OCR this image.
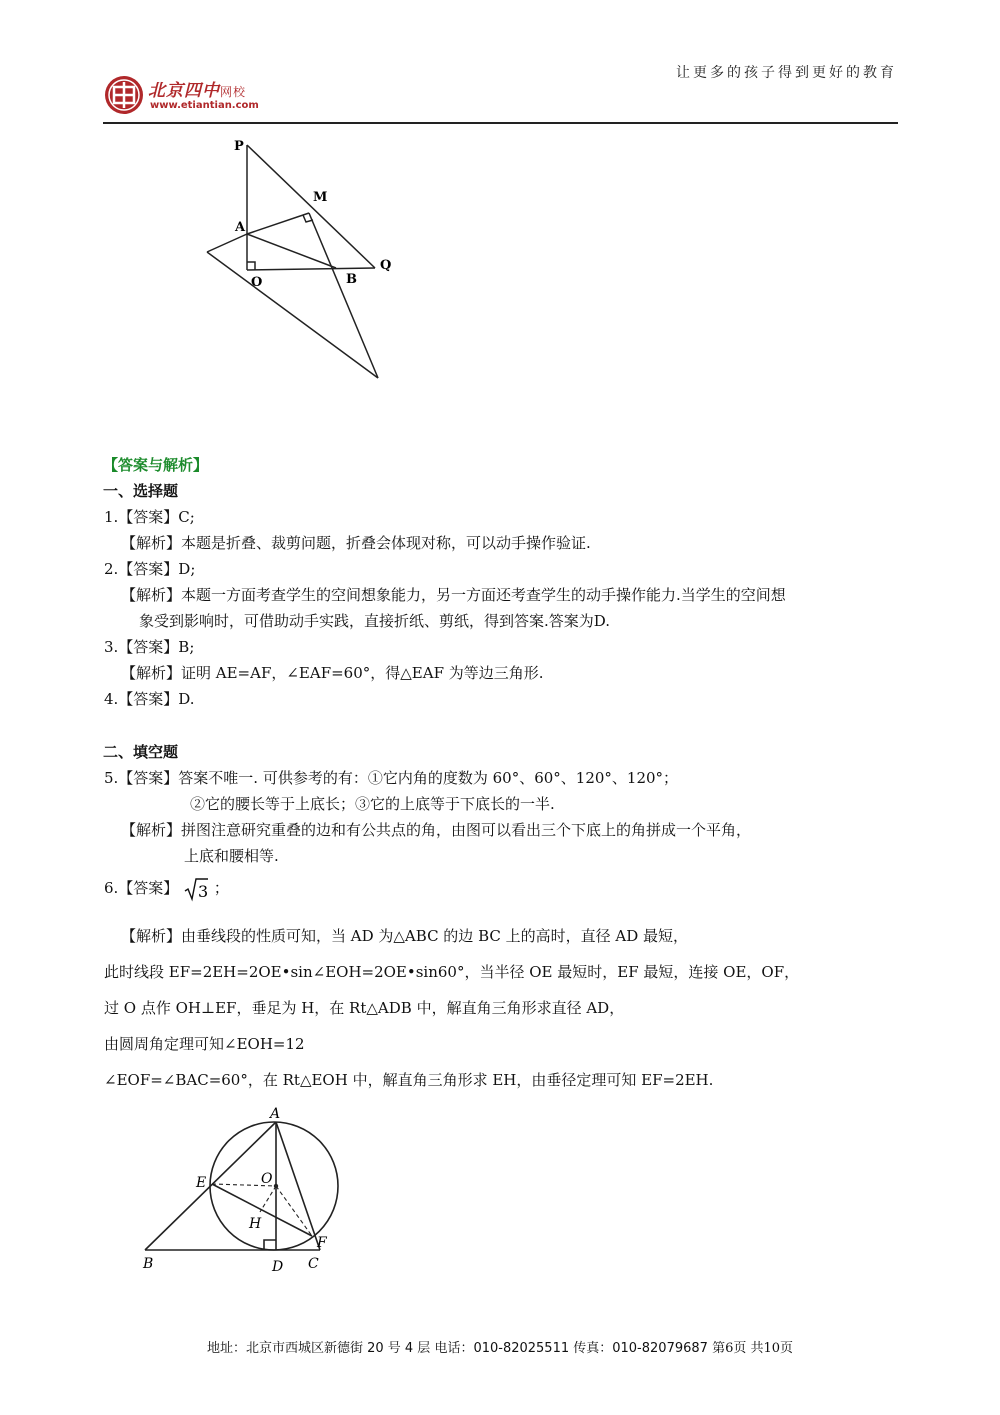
让更多的孩子得到更好的教育
北京四中网校
www.etiantian.com
P
M
A
Q
O	B
【答案与解析】
一、选择题
1.【答案】C;
【解析】本题是折叠、裁剪问题，折叠会体现对称，可以动手操作验证.
2.【答案】D;
【解析】本题一方面考查学生的空间想象能力，另一方面还考查学生的动手操作能力.当学生的空间想
象受到影响时，可借助动手实践，直接折纸、剪纸，得到答案.答案为D.
3.【答案】B;
【解析】证明 AE=AF，∠EAF=60°，得△EAF 为等边三角形.
4.【答案】D.
二、填空题
5.【答案】答案不唯一. 可供参考的有：①它内角的度数为 60°、60°、120°、120°；
②它的腰长等于上底长；③它的上底等于下底长的一半.
【解析】拼图注意研究重叠的边和有公共点的角，由图可以看出三个下底上的角拼成一个平角，
上底和腰相等.
6.【答案】 3 ；
【解析】由垂线段的性质可知，当 AD 为△ABC 的边 BC 上的高时，直径 AD 最短，
此时线段 EF=2EH=2OE•sin∠EOH=2OE•sin60°，当半径 OE 最短时，EF 最短，连接 OE，OF，
过 O 点作 OH⊥EF，垂足为 H，在 Rt△ADB 中，解直角三角形求直径 AD，
由圆周角定理可知∠EOH=12
∠EOF=∠BAC=60°，在 Rt△EOH 中，解直角三角形求 EH，由垂径定理可知 EF=2EH.
A
E	O
H
F
B	D C
地址：北京市西城区新德街 20 号 4 层 电话：010-82025511 传真：010-82079687 第6页 共10页
